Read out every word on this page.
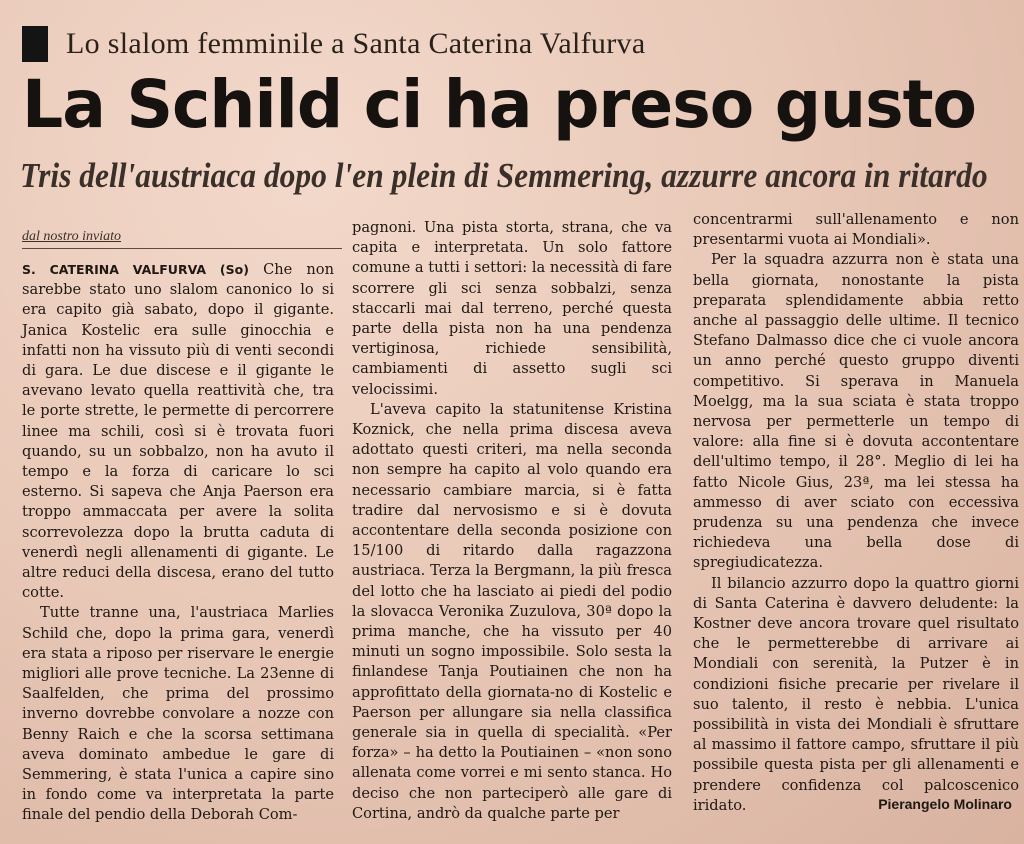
Lo slalom femminile a Santa Caterina Valfurva
La Schild ci ha preso gusto
Tris dell'austriaca dopo l'en plein di Semmering, azzurre ancora in ritardo
dal nostro inviato

S. CATERINA VALFURVA (So) Che non sarebbe stato uno slalom canonico lo si era capito già sabato, dopo il gigante. Janica Kostelic era sulle ginocchia e infatti non ha vissuto più di venti secondi di gara. Le due discese e il gigante le avevano levato quella reattività che, tra le porte strette, le permette di percorrere linee ma schili, così si è trovata fuori quando, su un sobbalzo, non ha avuto il tempo e la forza di caricare lo sci esterno. Si sapeva che Anja Paerson era troppo ammaccata per avere la solita scorrevolezza dopo la brutta caduta di venerdì negli allenamenti di gigante. Le altre reduci della discesa, erano del tutto cotte.

Tutte tranne una, l'austriaca Marlies Schild che, dopo la prima gara, venerdì era stata a riposo per riservare le energie migliori alle prove tecniche. La 23enne di Saalfelden, che prima del prossimo inverno dovrebbe convolare a nozze con Benny Raich e che la scorsa settimana aveva dominato ambedue le gare di Semmering, è stata l'unica a capire sino in fondo come va interpretata la parte finale del pendio della Deborah Com-

pagnoni. Una pista storta, strana, che va capita e interpretata. Un solo fattore comune a tutti i settori: la necessità di fare scorrere gli sci senza sobbalzi, senza staccarli mai dal terreno, perché questa parte della pista non ha una pendenza vertiginosa, richiede sensibilità, cambiamenti di assetto sugli sci velocissimi.

L'aveva capito la statunitense Kristina Koznick, che nella prima discesa aveva adottato questi criteri, ma nella seconda non sempre ha capito al volo quando era necessario cambiare marcia, si è fatta tradire dal nervosismo e si è dovuta accontentare della seconda posizione con 15/100 di ritardo dalla ragazzona austriaca. Terza la Bergmann, la più fresca del lotto che ha lasciato ai piedi del podio la slovacca Veronika Zuzulova, 30ª dopo la prima manche, che ha vissuto per 40 minuti un sogno impossibile. Solo sesta la finlandese Tanja Poutiainen che non ha approfittato della giornata-no di Kostelic e Paerson per allungare sia nella classifica generale sia in quella di specialità. «Per forza» – ha detto la Poutiainen – «non sono allenata come vorrei e mi sento stanca. Ho deciso che non parteciperò alle gare di Cortina, andrò da qualche parte per

concentrarmi sull'allenamento e non presentarmi vuota ai Mondiali».

Per la squadra azzurra non è stata una bella giornata, nonostante la pista preparata splendidamente abbia retto anche al passaggio delle ultime. Il tecnico Stefano Dalmasso dice che ci vuole ancora un anno perché questo gruppo diventi competitivo. Si sperava in Manuela Moelgg, ma la sua sciata è stata troppo nervosa per permetterle un tempo di valore: alla fine si è dovuta accontentare dell'ultimo tempo, il 28°. Meglio di lei ha fatto Nicole Gius, 23ª, ma lei stessa ha ammesso di aver sciato con eccessiva prudenza su una pendenza che invece richiedeva una bella dose di spregiudicatezza.

Il bilancio azzurro dopo la quattro giorni di Santa Caterina è davvero deludente: la Kostner deve ancora trovare quel risultato che le permetterebbe di arrivare ai Mondiali con serenità, la Putzer è in condizioni fisiche precarie per rivelare il suo talento, il resto è nebbia. L'unica possibilità in vista dei Mondiali è sfruttare al massimo il fattore campo, sfruttare il più possibile questa pista per gli allenamenti e prendere confidenza col palcoscenico iridato.	Pierangelo Molinaro
